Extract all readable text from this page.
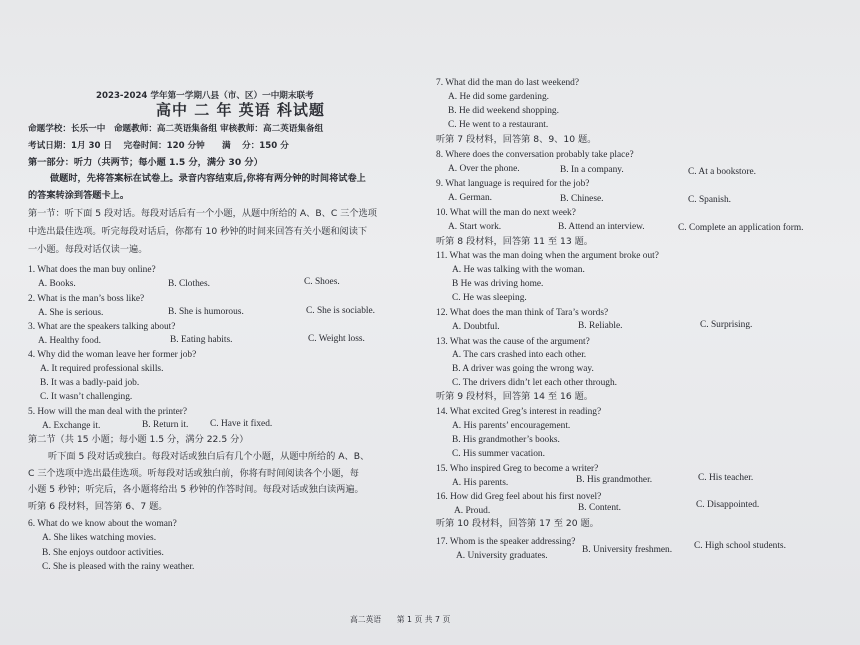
2023-2024 学年第一学期八县（市、区）一中期末联考
高中 二 年 英语 科试题
命题学校：长乐一中　命题教师：高二英语集备组 审核教师：高二英语集备组
考试日期：1月 30 日　 完卷时间：120 分钟　　满　 分：150 分
第一部分：听力（共两节；每小题 1.5 分，满分 30 分）
做题时，先将答案标在试卷上。录音内容结束后,你将有两分钟的时间将试卷上
的答案转涂到答题卡上。
第一节：听下面 5 段对话。每段对话后有一个小题，从题中所给的 A、B、C 三个选项
中选出最佳选项。听完每段对话后，你都有 10 秒钟的时间来回答有关小题和阅读下
一小题。每段对话仅读一遍。
1. What does the man buy online?
A. Books.	B. Clothes.	C. Shoes.
2. What is the man’s boss like?
A. She is serious.	B. She is humorous.	C. She is sociable.
3. What are the speakers talking about?
A. Healthy food.	B. Eating habits.	C. Weight loss.
4. Why did the woman leave her former job?
A. It required professional skills.
B. It was a badly-paid job.
C. It wasn’t challenging.
5. How will the man deal with the printer?
A. Exchange it.	B. Return it. C. Have it fixed.
第二节（共 15 小题；每小题 1.5 分，满分 22.5 分）
听下面 5 段对话或独白。每段对话或独白后有几个小题，从题中所给的 A、B、
C 三个选项中选出最佳选项。听每段对话或独白前，你将有时间阅读各个小题，每
小题 5 秒钟；听完后，各小题将给出 5 秒钟的作答时间。每段对话或独白读两遍。
听第 6 段材料，回答第 6、7 题。
6. What do we know about the woman?
A. She likes watching movies.
B. She enjoys outdoor activities.
C. She is pleased with the rainy weather.
7. What did the man do last weekend?
A. He did some gardening.
B. He did weekend shopping.
C. He went to a restaurant.
听第 7 段材料，回答第 8、9、10 题。
8. Where does the conversation probably take place?
A. Over the phone.	B. In a company.	C. At a bookstore.
9. What language is required for the job?
A. German.	B. Chinese.	C. Spanish.
10. What will the man do next week?
A. Start work.	B. Attend an interview.	C. Complete an application form.
听第 8 段材料，回答第 11 至 13 题。
11. What was the man doing when the argument broke out?
A. He was talking with the woman.
B He was driving home.
C. He was sleeping.
12. What does the man think of Tara’s words?
A. Doubtful.	B. Reliable.	C. Surprising.
13. What was the cause of the argument?
A. The cars crashed into each other.
B. A driver was going the wrong way.
C. The drivers didn’t let each other through.
听第 9 段材料，回答第 14 至 16 题。
14. What excited Greg’s interest in reading?
A. His parents’ encouragement.
B. His grandmother’s books.
C. His summer vacation.
15. Who inspired Greg to become a writer?
A. His parents.	B. His grandmother.	C. His teacher.
16. How did Greg feel about his first novel?
A. Proud.	B. Content.	C. Disappointed.
听第 10 段材料，回答第 17 至 20 题。
17. Whom is the speaker addressing?
A. University graduates.
B. University freshmen. C. High school students.
高二英语　　第 1 页 共 7 页
